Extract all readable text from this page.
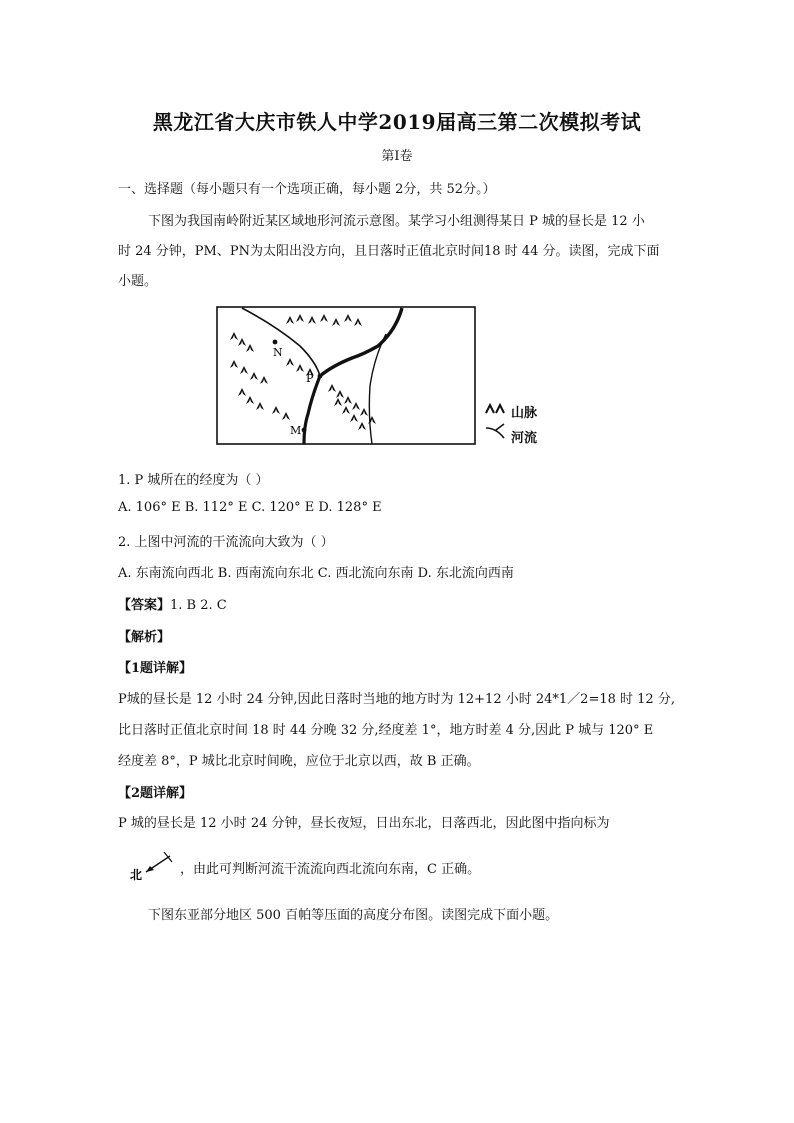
黑龙江省大庆市铁人中学2019届高三第二次模拟考试
第Ⅰ卷
一、选择题（每小题只有一个选项正确，每小题 2分，共 52分。）
下图为我国南岭附近某区域地形河流示意图。某学习小组测得某日 P 城的昼长是 12 小
时 24 分钟，PM、PN为太阳出没方向，且日落时正值北京时间18 时 44 分。读图，完成下面
小题。
N
P
M
山脉
河流
1. P 城所在的经度为（ ）
A. 106° E B. 112° E C. 120° E D. 128° E
2. 上图中河流的干流流向大致为（ ）
A. 东南流向西北 B. 西南流向东北 C. 西北流向东南 D. 东北流向西南
【答案】1. B 2. C
【解析】
【1题详解】
P城的昼长是 12 小时 24 分钟,因此日落时当地的地方时为 12+12 小时 24*1／2=18 时 12 分,
比日落时正值北京时间 18 时 44 分晚 32 分,经度差 1°，地方时差 4 分,因此 P 城与 120° E
经度差 8°，P 城比北京时间晚，应位于北京以西，故 B 正确。
【2题详解】
P 城的昼长是 12 小时 24 分钟，昼长夜短，日出东北，日落西北，因此图中指向标为
北	，由此可判断河流干流流向西北流向东南，C 正确。
下图东亚部分地区 500 百帕等压面的高度分布图。读图完成下面小题。
